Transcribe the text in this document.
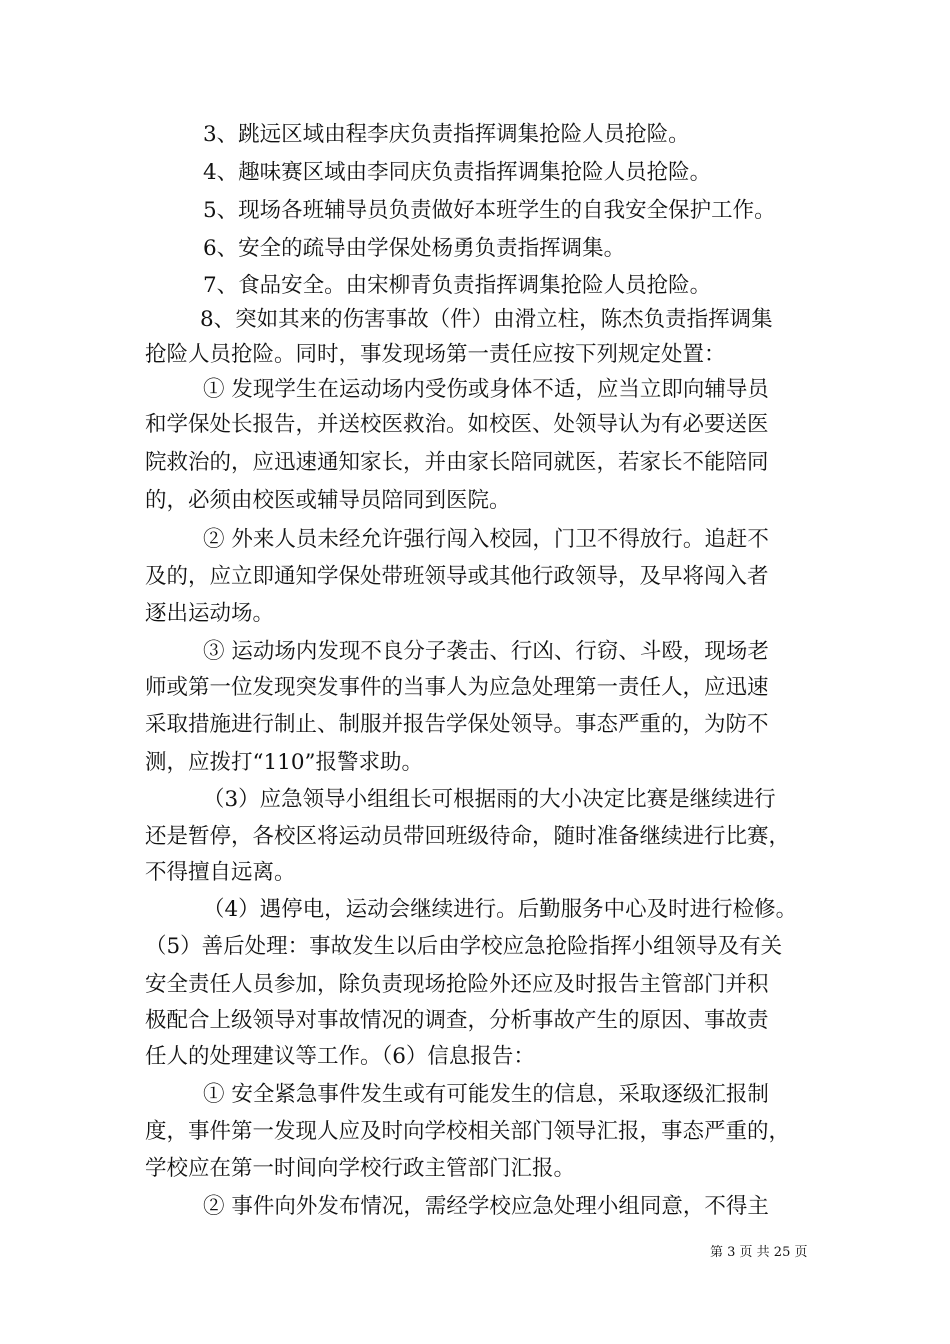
3、跳远区域由程李庆负责指挥调集抢险人员抢险。

4、趣味赛区域由李同庆负责指挥调集抢险人员抢险。

5、现场各班辅导员负责做好本班学生的自我安全保护工作。

6、安全的疏导由学保处杨勇负责指挥调集。

7、食品安全。由宋柳青负责指挥调集抢险人员抢险。

8、突如其来的伤害事故（件）由滑立柱，陈杰负责指挥调集

抢险人员抢险。同时，事发现场第一责任应按下列规定处置：

① 发现学生在运动场内受伤或身体不适，应当立即向辅导员

和学保处长报告，并送校医救治。如校医、处领导认为有必要送医

院救治的，应迅速通知家长，并由家长陪同就医，若家长不能陪同

的，必须由校医或辅导员陪同到医院。

② 外来人员未经允许强行闯入校园，门卫不得放行。追赶不

及的，应立即通知学保处带班领导或其他行政领导，及早将闯入者

逐出运动场。

③ 运动场内发现不良分子袭击、行凶、行窃、斗殴，现场老

师或第一位发现突发事件的当事人为应急处理第一责任人，应迅速

采取措施进行制止、制服并报告学保处领导。事态严重的，为防不

测，应拨打“110”报警求助。

（3）应急领导小组组长可根据雨的大小决定比赛是继续进行

还是暂停，各校区将运动员带回班级待命，随时准备继续进行比赛，

不得擅自远离。

（4）遇停电，运动会继续进行。后勤服务中心及时进行检修。

（5）善后处理：事故发生以后由学校应急抢险指挥小组领导及有关

安全责任人员参加，除负责现场抢险外还应及时报告主管部门并积

极配合上级领导对事故情况的调查，分析事故产生的原因、事故责

任人的处理建议等工作。（6）信息报告：

① 安全紧急事件发生或有可能发生的信息，采取逐级汇报制

度，事件第一发现人应及时向学校相关部门领导汇报，事态严重的，

学校应在第一时间向学校行政主管部门汇报。

② 事件向外发布情况，需经学校应急处理小组同意，不得主

第 3 页 共 25 页
